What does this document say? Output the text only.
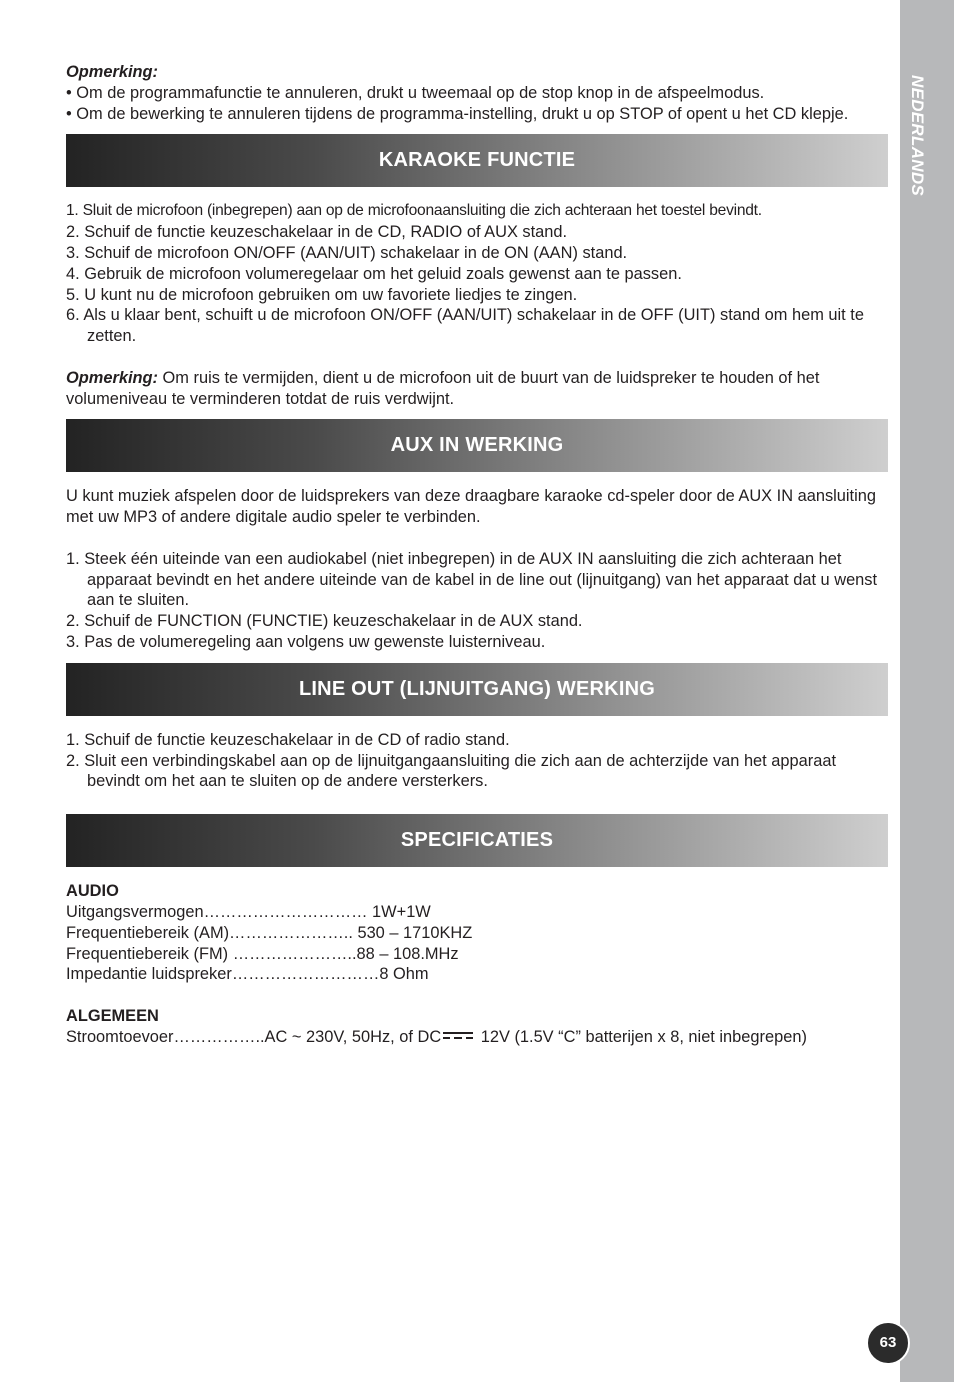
NEDERLANDS

Opmerking:

• Om de programmafunctie te annuleren, drukt u tweemaal op de stop knop in de afspeelmodus.

• Om de bewerking te annuleren tijdens de programma-instelling, drukt u op STOP of opent u het CD klepje.

KARAOKE FUNCTIE

1. Sluit de microfoon (inbegrepen) aan op de microfoonaansluiting die zich achteraan het toestel bevindt.

2. Schuif de functie keuzeschakelaar in de CD, RADIO of AUX stand.

3. Schuif de microfoon ON/OFF (AAN/UIT) schakelaar in de ON (AAN) stand.

4. Gebruik de microfoon volumeregelaar om het geluid zoals gewenst aan te passen.

5. U kunt nu de microfoon gebruiken om uw favoriete liedjes te zingen.

6. Als u klaar bent, schuift u de microfoon ON/OFF (AAN/UIT) schakelaar in de OFF (UIT) stand om hem uit te zetten.

Opmerking: Om ruis te vermijden, dient u de microfoon uit de buurt van de luidspreker te houden of het volumeniveau te verminderen totdat de ruis verdwijnt.

AUX IN WERKING

U kunt muziek afspelen door de luidsprekers van deze draagbare karaoke cd-speler door de AUX IN aansluiting met uw MP3 of andere digitale audio speler te verbinden.

1. Steek één uiteinde van een audiokabel (niet inbegrepen) in de AUX IN aansluiting die zich achteraan het apparaat bevindt en het andere uiteinde van de kabel in de line out (lijnuitgang) van het apparaat dat u wenst aan te sluiten.

2. Schuif de FUNCTION (FUNCTIE) keuzeschakelaar in de AUX stand.

3. Pas de volumeregeling aan volgens uw gewenste luisterniveau.

LINE OUT (LIJNUITGANG) WERKING

1. Schuif de functie keuzeschakelaar in de CD of radio stand.

2. Sluit een verbindingskabel aan op de lijnuitgangaansluiting die zich aan de achterzijde van het apparaat bevindt om het aan te sluiten op de andere versterkers.

SPECIFICATIES

AUDIO

Uitgangsvermogen………………………… 1W+1W

Frequentiebereik (AM)………………….. 530 – 1710KHZ

Frequentiebereik (FM) …………………..88 – 108.MHz

Impedantie luidspreker………………………8 Ohm

ALGEMEEN

Stroomtoevoer……………..AC ~ 230V, 50Hz, of DC 12V (1.5V “C” batterijen x 8, niet inbegrepen)

63
